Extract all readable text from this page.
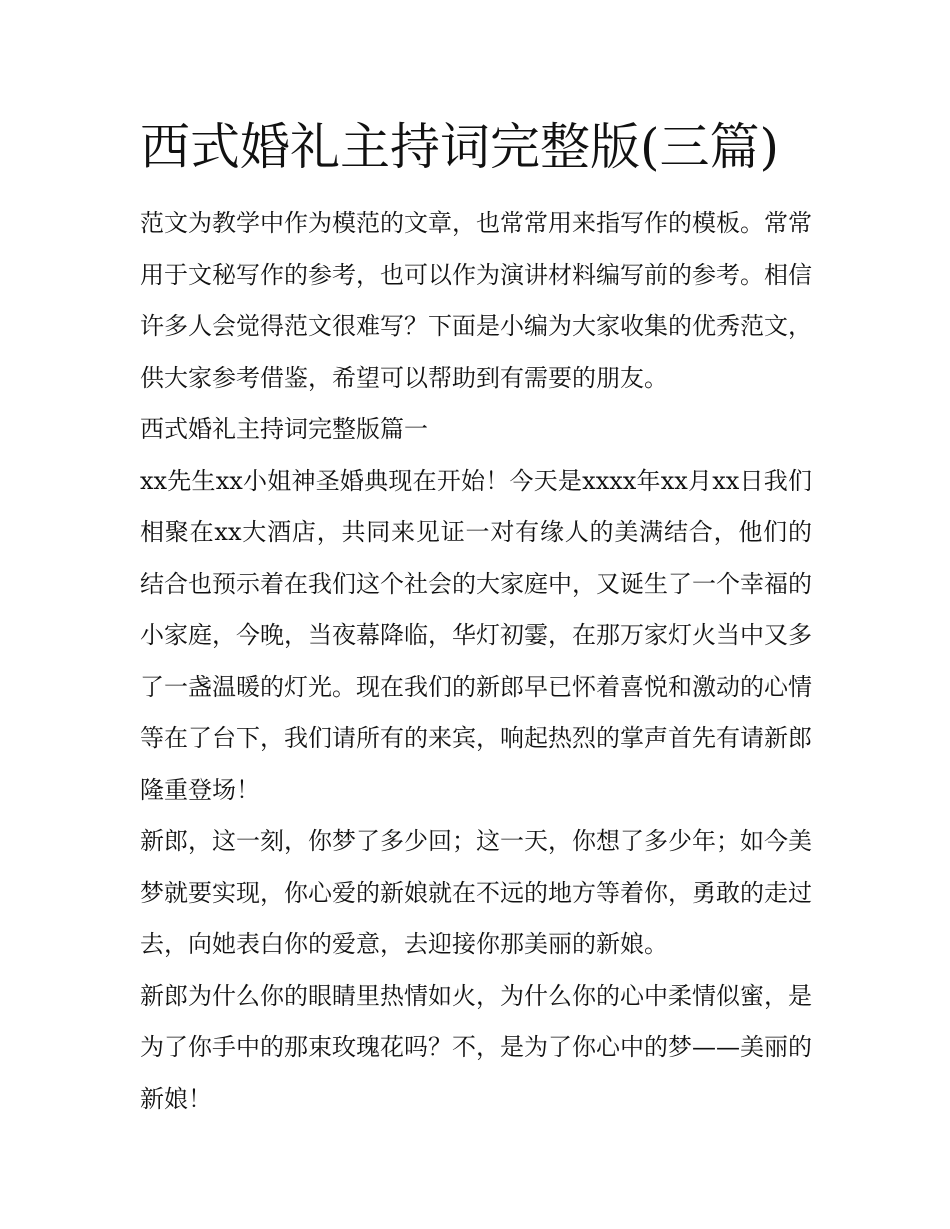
西式婚礼主持词完整版(三篇)

范文为教学中作为模范的文章，也常常用来指写作的模板。常常用于文秘写作的参考，也可以作为演讲材料编写前的参考。相信许多人会觉得范文很难写？下面是小编为大家收集的优秀范文，供大家参考借鉴，希望可以帮助到有需要的朋友。

西式婚礼主持词完整版篇一

xx先生xx小姐神圣婚典现在开始！今天是xxxx年xx月xx日我们相聚在xx大酒店，共同来见证一对有缘人的美满结合，他们的结合也预示着在我们这个社会的大家庭中，又诞生了一个幸福的小家庭，今晚，当夜幕降临，华灯初霎，在那万家灯火当中又多了一盏温暖的灯光。现在我们的新郎早已怀着喜悦和激动的心情等在了台下，我们请所有的来宾，响起热烈的掌声首先有请新郎隆重登场！

新郎，这一刻，你梦了多少回；这一天，你想了多少年；如今美梦就要实现，你心爱的新娘就在不远的地方等着你，勇敢的走过去，向她表白你的爱意，去迎接你那美丽的新娘。

新郎为什么你的眼睛里热情如火，为什么你的心中柔情似蜜，是为了你手中的那束玫瑰花吗？不，是为了你心中的梦——美丽的新娘！
